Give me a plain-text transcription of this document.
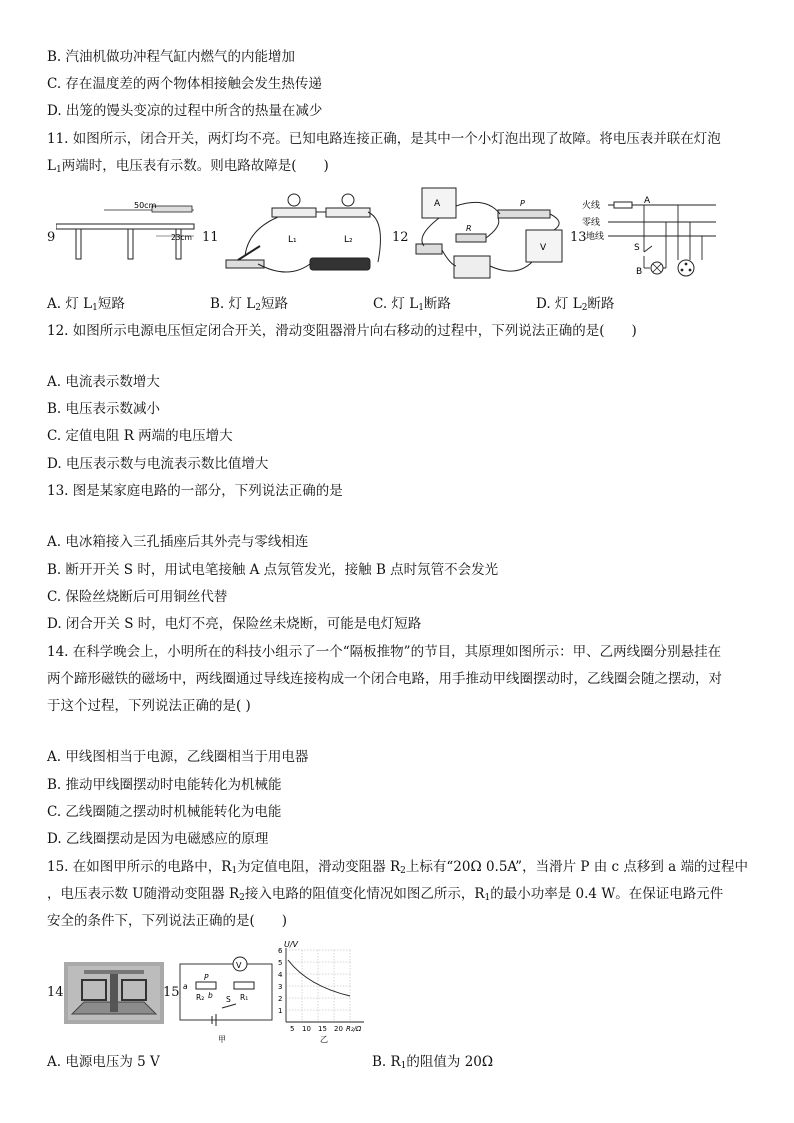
B. 汽油机做功冲程气缸内燃气的内能增加
C. 存在温度差的两个物体相接触会发生热传递
D. 出笼的馒头变凉的过程中所含的热量在减少
11. 如图所示，闭合开关，两灯均不亮。已知电路连接正确，是其中一个小灯泡出现了故障。将电压表并联在灯泡
$L_1$两端时，电压表有示数。则电路故障是(　　)
9
50cm
23cm 11	L₁	L₂	12
A
V
P
R
13
火线
零线
地线
A
S
B
A. 灯 $L_1$短路	B. 灯 $L_2$短路	C. 灯 $L_1$断路	D. 灯 $L_2$断路
12. 如图所示电源电压恒定闭合开关，滑动变阻器滑片向右移动的过程中，下列说法正确的是(　　)
A. 电流表示数增大
B. 电压表示数减小
C. 定值电阻 R 两端的电压增大
D. 电压表示数与电流表示数比值增大
13. 图是某家庭电路的一部分，下列说法正确的是
A. 电冰箱接入三孔插座后其外壳与零线相连
B. 断开开关 S 时，用试电笔接触 A 点氖管发光，接触 B 点时氖管不会发光
C. 保险丝烧断后可用铜丝代替
D. 闭合开关 S 时，电灯不亮，保险丝未烧断，可能是电灯短路
14. 在科学晚会上，小明所在的科技小组示了一个“隔板推物”的节目，其原理如图所示：甲、乙两线圈分别悬挂在
两个蹄形磁铁的磁场中，两线圈通过导线连接构成一个闭合电路，用手推动甲线圈摆动时，乙线圈会随之摆动，对
于这个过程，下列说法正确的是( )
A. 甲线图相当于电源，乙线圈相当于用电器
B. 推动甲线圈摆动时电能转化为机械能
C. 乙线圈随之摆动时机械能转化为电能
D. 乙线圈摆动是因为电磁感应的原理
15. 在如图甲所示的电路中，$R_1$为定值电阻，滑动变阻器 $R_2$上标有“20Ω 0.5A”，当滑片 P 由 c 点移到 a 端的过程中
，电压表示数 U随滑动变阻器 $R_2$接入电路的阻值变化情况如图乙所示，$R_1$的最小功率是 0.4 W。在保证电路元件
安全的条件下，下列说法正确的是(　　)
14	15
V
a
b
P
R₂	R₁
S
甲
U/V
1
2
3
4
5
6
5 10 15 20 R₂/Ω
乙
A. 电源电压为 5 V	B. $R_1$的阻值为 20Ω
